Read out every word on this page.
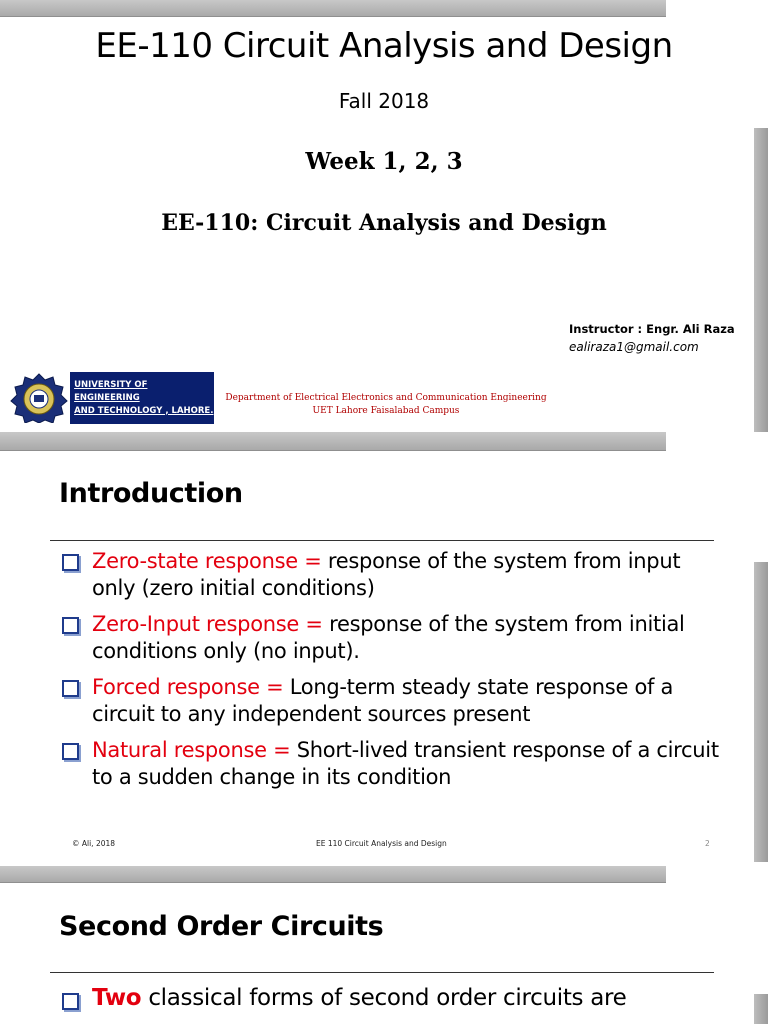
EE-110 Circuit Analysis and Design
Fall 2018
Week 1, 2, 3
EE-110: Circuit Analysis and Design
Instructor : Engr. Ali Raza
ealiraza1@gmail.com
UNIVERSITY OF ENGINEERING
AND TECHNOLOGY , LAHORE.
Department of Electrical Electronics and Communication Engineering
UET Lahore Faisalabad Campus
Introduction
Zero-state response = response of the system from input only (zero initial conditions)
Zero-Input response = response of the system from initial conditions only (no input).
Forced response = Long-term steady state response of a circuit to any independent sources present
Natural response = Short-lived transient response of a circuit to a sudden change in its condition
© Ali, 2018	EE 110 Circuit Analysis and Design	2
Second Order Circuits
Two classical forms of second order circuits are
